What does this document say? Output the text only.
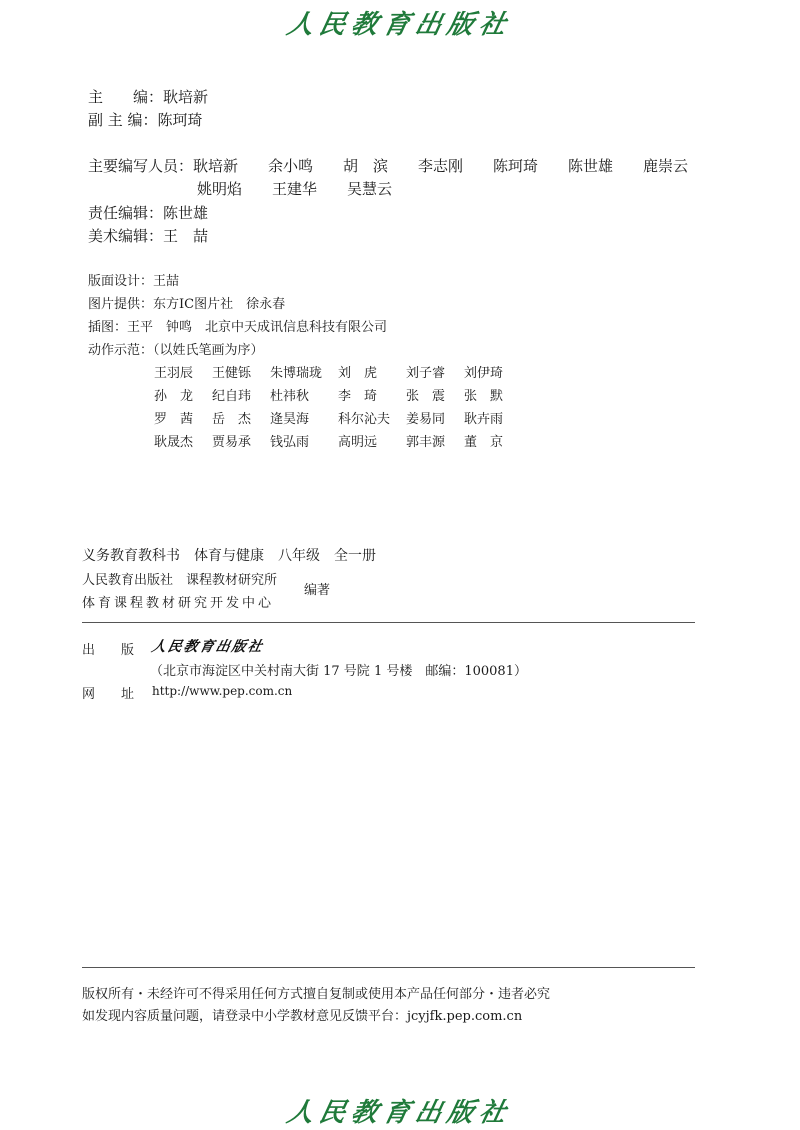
人民教育出版社
主　　编：耿培新
副 主 编：陈珂琦
主要编写人员：耿培新　　余小鸣　　胡　滨　　李志刚　　陈珂琦　　陈世雄　　鹿崇云
姚明焰　　王建华　　吴慧云
责任编辑：陈世雄
美术编辑：王　喆
版面设计：王喆
图片提供：东方IC图片社　徐永春
插图：王平　钟鸣　北京中天成讯信息科技有限公司
动作示范：（以姓氏笔画为序）
王羽辰 王健铄 朱博瑞珑 刘　虎 刘子睿 刘伊琦
孙　龙 纪自玮 杜祎秋 李　琦 张　震 张　默
罗　茜 岳　杰 逄昊海 科尔沁夫 姜易同 耿卉雨
耿晟杰 贾易承 钱弘雨 高明远 郭丰源 董　京
义务教育教科书　体育与健康　八年级　全一册
人民教育出版社　课程教材研究所
体育课程教材研究开发中心
编著
出　　版 人民教育出版社
（北京市海淀区中关村南大街 17 号院 1 号楼　邮编：100081）
网　　址 http://www.pep.com.cn
版权所有・未经许可不得采用任何方式擅自复制或使用本产品任何部分・违者必究
如发现内容质量问题，请登录中小学教材意见反馈平台：jcyjfk.pep.com.cn
人民教育出版社
